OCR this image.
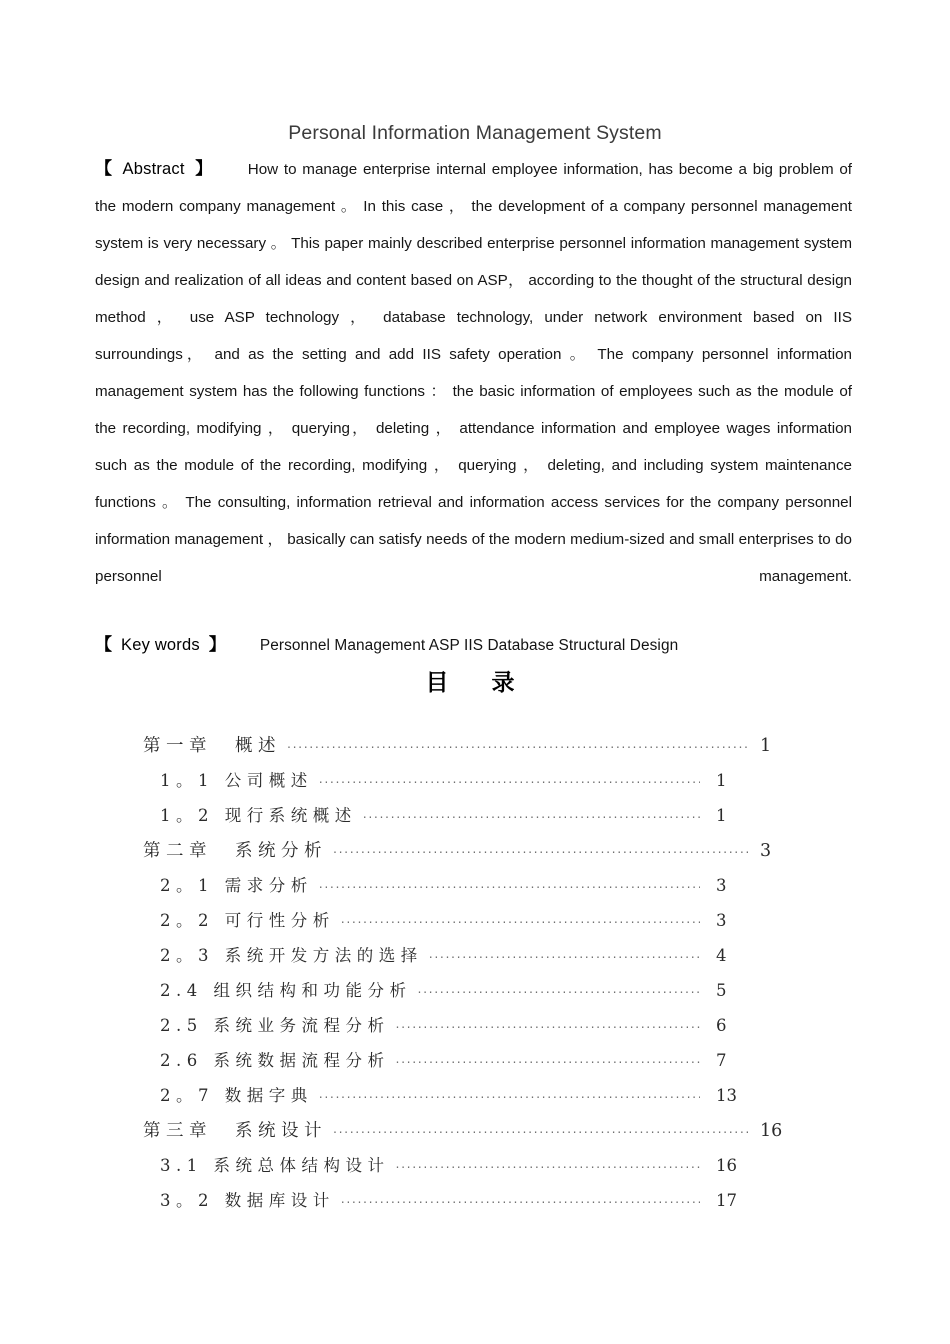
Personal Information Management System

【 Abstract 】 How to manage enterprise internal employee information, has become a big problem of the modern company management 。 In this case ， the development of a company personnel management system is very necessary 。 This paper mainly described enterprise personnel information management system design and realization of all ideas and content based on ASP， according to the thought of the structural design method ， use ASP technology ， database technology, under network environment based on IIS surroundings， and as the setting and add IIS safety operation 。 The company personnel information management system has the following functions ： the basic information of employees such as the module of the recording, modifying ， querying， deleting ， attendance information and employee wages information such as the module of the recording, modifying ， querying ， deleting, and including system maintenance functions 。 The consulting, information retrieval and information access services for the company personnel information management ， basically can satisfy needs of the modern medium-sized and small enterprises to do personnel management.

【 Key words 】 Personnel Management ASP IIS Database Structural Design
目　录
第一章　概述 .....	1
1。1 公司概述 .....	1
1。2 现行系统概述 .....	1
第二章　系统分析 .....	3
2。1 需求分析 .....	3
2。2 可行性分析 .....	3
2。3 系统开发方法的选择 .....	4
2.4 组织结构和功能分析 .....	5
2.5 系统业务流程分析 .....	6
2.6 系统数据流程分析 .....	7
2。7 数据字典 .....	13
第三章　系统设计 .....	16
3.1 系统总体结构设计 .....	16
3。2 数据库设计 .....	17
